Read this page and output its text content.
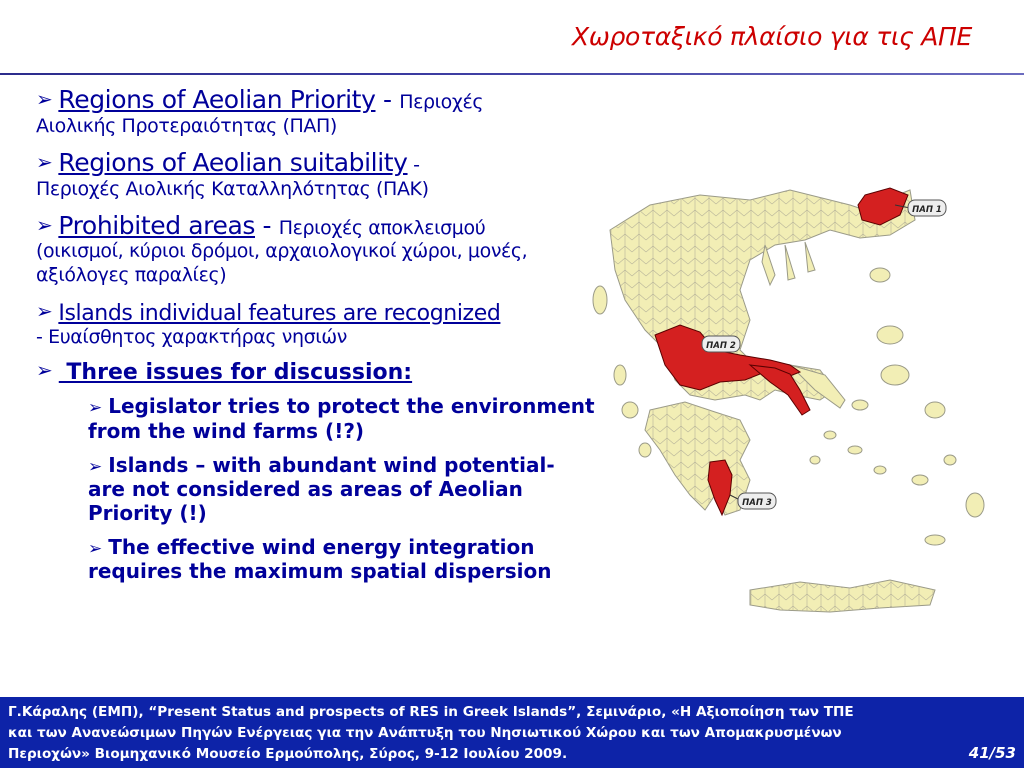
Χωροταξικό πλαίσιο για τις ΑΠΕ
➢ Regions of Aeolian Priority - Περιοχές

Αιολικής Προτεραιότητας (ΠΑΠ)

➢ Regions of Aeolian suitability -

Περιοχές Αιολικής Καταλληλότητας (ΠΑΚ)

➢ Prohibited areas - Περιοχές αποκλεισμού

(οικισμοί, κύριοι δρόμοι, αρχαιολογικοί χώροι, μονές, αξιόλογες παραλίες)

➢ Islands individual features are recognized

- Ευαίσθητος χαρακτήρας νησιών

➢ Three issues for discussion:
➢ Legislator tries to protect the environment from the wind farms (!?)
➢ Islands – with abundant wind potential- are not considered as areas of Aeolian Priority (!)
➢ The effective wind energy integration requires the maximum spatial dispersion
ΠΑΠ 1
ΠΑΠ 2
ΠΑΠ 3
Γ.Κάραλης (ΕΜΠ), “Present Status and prospects of RES in Greek Islands”, Σεμινάριο, «Η Αξιοποίηση των ΤΠΕ
και των Ανανεώσιμων Πηγών Ενέργειας για την Ανάπτυξη του Νησιωτικού Χώρου και των Απομακρυσμένων
Περιοχών» Βιομηχανικό Μουσείο Ερμούπολης, Σύρος, 9-12 Ιουλίου 2009.	41/53
